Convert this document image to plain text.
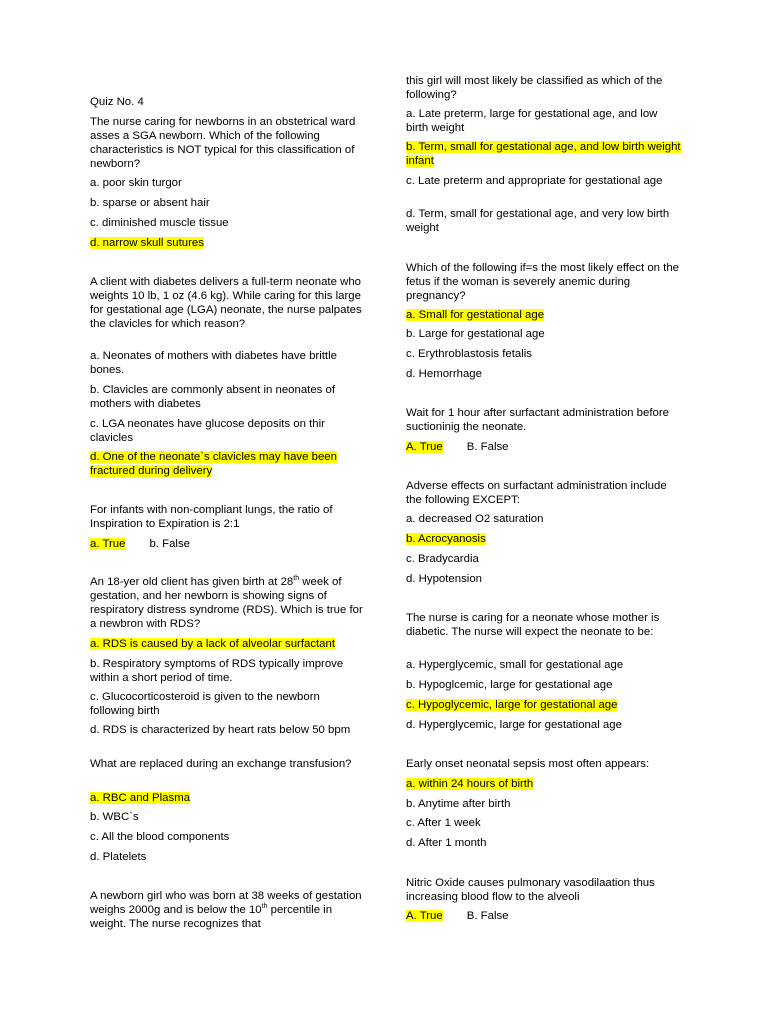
Quiz No. 4

The nurse caring for newborns in an obstetrical ward asses a SGA newborn. Which of the following characteristics is NOT typical for this classification of newborn?

a. poor skin turgor

b. sparse or absent hair

c. diminished muscle tissue

d. narrow skull sutures

A client with diabetes delivers a full-term neonate who weights 10 lb, 1 oz (4.6 kg). While caring for this large for gestational age (LGA) neonate, the nurse palpates the clavicles for which reason?

a. Neonates of mothers with diabetes have brittle bones.

b. Clavicles are commonly absent in neonates of mothers with diabetes

c. LGA neonates have glucose deposits on thir clavicles

d. One of the neonate`s clavicles may have been fractured during delivery

For infants with non-compliant lungs, the ratio of Inspiration to Expiration is 2:1

a. True b. False

An 18-yer old client has given birth at 28th week of gestation, and her newborn is showing signs of respiratory distress syndrome (RDS). Which is true for a newbron with RDS?

a. RDS is caused by a lack of alveolar surfactant

b. Respiratory symptoms of RDS typically improve within a short period of time.

c. Glucocorticosteroid is given to the newborn following birth

d. RDS is characterized by heart rats below 50 bpm

What are replaced during an exchange transfusion?

a. RBC and Plasma

b. WBC`s

c. All the blood components

d. Platelets

A newborn girl who was born at 38 weeks of gestation weighs 2000g and is below the 10th percentile in weight. The nurse recognizes that

this girl will most likely be classified as which of the following?

a. Late preterm, large for gestational age, and low birth weight

b. Term, small for gestational age, and low birth weight infant

c. Late preterm and appropriate for gestational age

d. Term, small for gestational age, and very low birth weight

Which of the following if=s the most likely effect on the fetus if the woman is severely anemic during pregnancy?

a. Small for gestational age

b. Large for gestational age

c. Erythroblastosis fetalis

d. Hemorrhage

Wait for 1 hour after surfactant administration before suctioninig the neonate.

A. True B. False

Adverse effects on surfactant administration include the following EXCEPT:

a. decreased O2 saturation

b. Acrocyanosis

c. Bradycardia

d. Hypotension

The nurse is caring for a neonate whose mother is diabetic. The nurse will expect the neonate to be:

a. Hyperglycemic, small for gestational age

b. Hypoglcemic, large for gestational age

c. Hypoglycemic, large for gestational age

d. Hyperglycemic, large for gestational age

Early onset neonatal sepsis most often appears:

a. within 24 hours of birth

b. Anytime after birth

c. After 1 week

d. After 1 month

Nitric Oxide causes pulmonary vasodilaation thus increasing blood flow to the alveoli

A. True B. False
